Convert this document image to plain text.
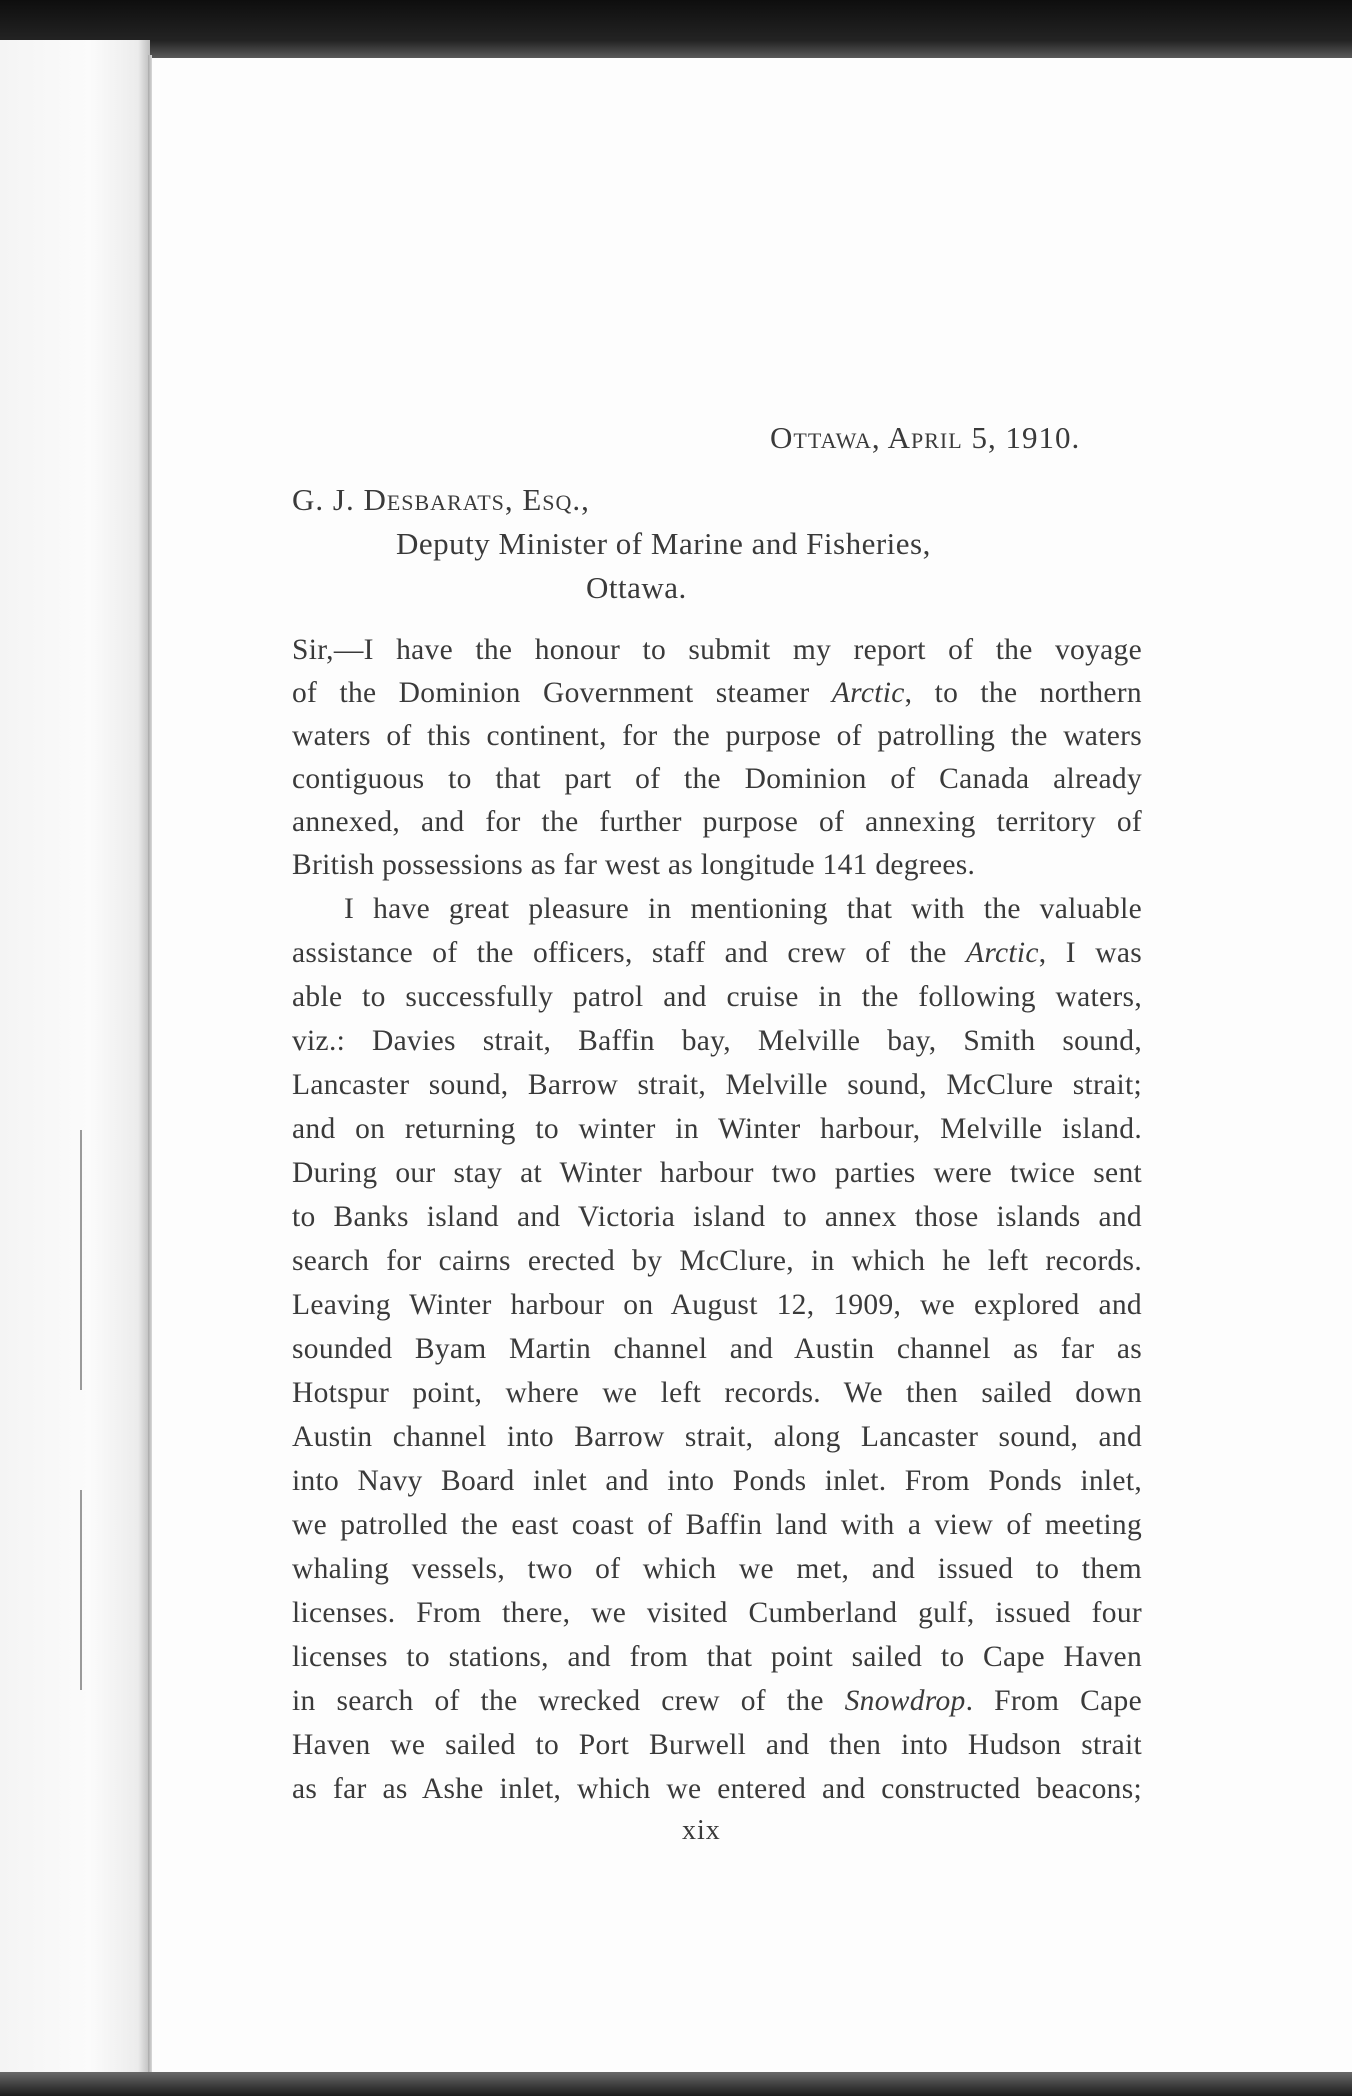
Ottawa, April 5, 1910.
G. J. Desbarats, Esq.,
Deputy Minister of Marine and Fisheries,
Ottawa.
Sir,—I have the honour to submit my report of the voyage
of the Dominion Government steamer Arctic, to the northern
waters of this continent, for the purpose of patrolling the waters
contiguous to that part of the Dominion of Canada already
annexed, and for the further purpose of annexing territory of
British possessions as far west as longitude 141 degrees.
I have great pleasure in mentioning that with the valuable
assistance of the officers, staff and crew of the Arctic, I was
able to successfully patrol and cruise in the following waters,
viz.: Davies strait, Baffin bay, Melville bay, Smith sound,
Lancaster sound, Barrow strait, Melville sound, McClure strait;
and on returning to winter in Winter harbour, Melville island.
During our stay at Winter harbour two parties were twice sent
to Banks island and Victoria island to annex those islands and
search for cairns erected by McClure, in which he left records.
Leaving Winter harbour on August 12, 1909, we explored and
sounded Byam Martin channel and Austin channel as far as
Hotspur point, where we left records. We then sailed down
Austin channel into Barrow strait, along Lancaster sound, and
into Navy Board inlet and into Ponds inlet. From Ponds inlet,
we patrolled the east coast of Baffin land with a view of meeting
whaling vessels, two of which we met, and issued to them
licenses. From there, we visited Cumberland gulf, issued four
licenses to stations, and from that point sailed to Cape Haven
in search of the wrecked crew of the Snowdrop. From Cape
Haven we sailed to Port Burwell and then into Hudson strait
as far as Ashe inlet, which we entered and constructed beacons;
xix
